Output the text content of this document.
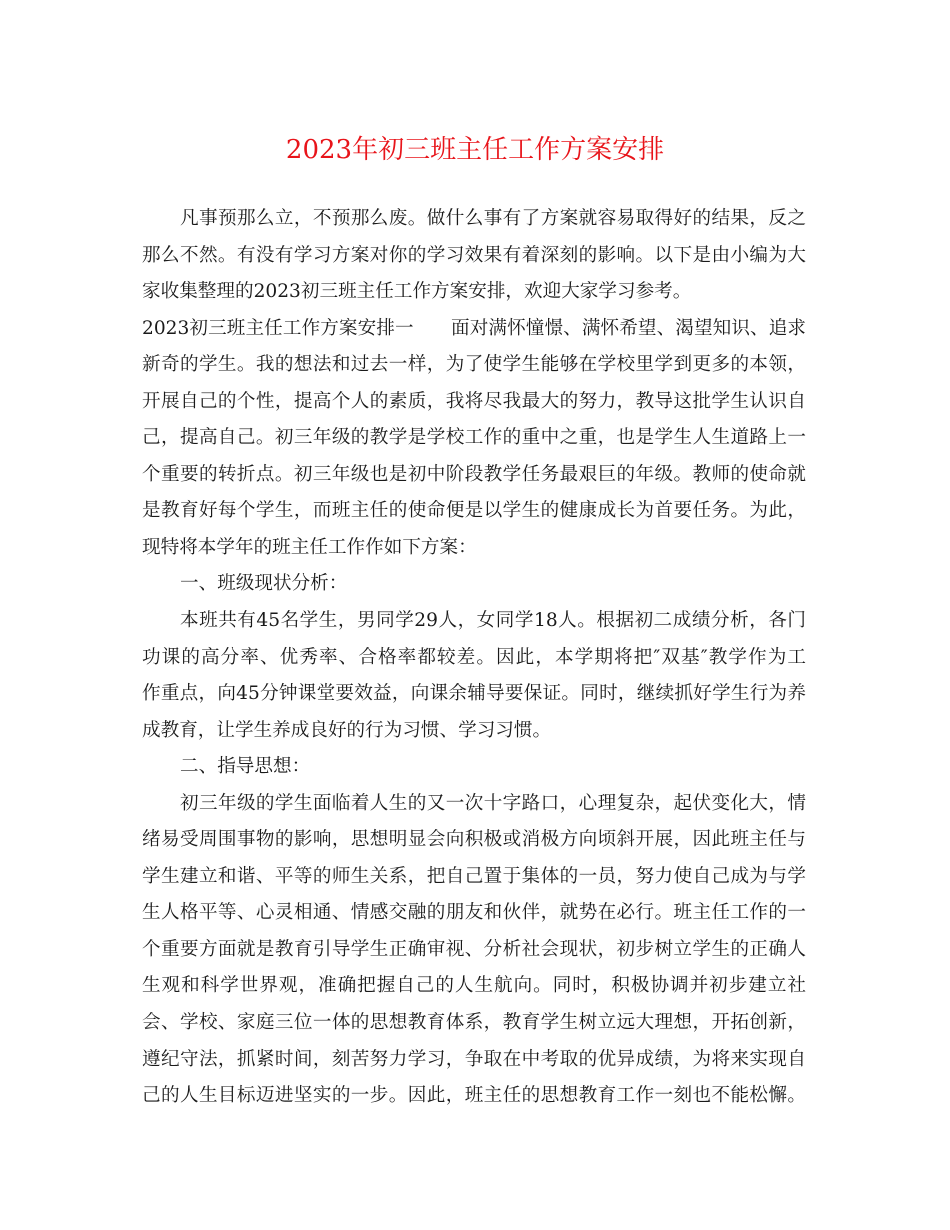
2023年初三班主任工作方案安排
凡事预那么立，不预那么废。做什么事有了方案就容易取得好的结果，反之
那么不然。有没有学习方案对你的学习效果有着深刻的影响。以下是由小编为大
家收集整理的2023初三班主任工作方案安排，欢迎大家学习参考。
2023初三班主任工作方案安排一　　面对满怀憧憬、满怀希望、渴望知识、追求
新奇的学生。我的想法和过去一样，为了使学生能够在学校里学到更多的本领，
开展自己的个性，提高个人的素质，我将尽我最大的努力，教导这批学生认识自
己，提高自己。初三年级的教学是学校工作的重中之重，也是学生人生道路上一
个重要的转折点。初三年级也是初中阶段教学任务最艰巨的年级。教师的使命就
是教育好每个学生，而班主任的使命便是以学生的健康成长为首要任务。为此，
现特将本学年的班主任工作作如下方案：
一、班级现状分析：
本班共有45名学生，男同学29人，女同学18人。根据初二成绩分析，各门
功课的高分率、优秀率、合格率都较差。因此，本学期将把″双基″教学作为工
作重点，向45分钟课堂要效益，向课余辅导要保证。同时，继续抓好学生行为养
成教育，让学生养成良好的行为习惯、学习习惯。
二、指导思想：
初三年级的学生面临着人生的又一次十字路口，心理复杂，起伏变化大，情
绪易受周围事物的影响，思想明显会向积极或消极方向顷斜开展，因此班主任与
学生建立和谐、平等的师生关系，把自己置于集体的一员，努力使自己成为与学
生人格平等、心灵相通、情感交融的朋友和伙伴，就势在必行。班主任工作的一
个重要方面就是教育引导学生正确审视、分析社会现状，初步树立学生的正确人
生观和科学世界观，准确把握自己的人生航向。同时，积极协调并初步建立社
会、学校、家庭三位一体的思想教育体系，教育学生树立远大理想，开拓创新，
遵纪守法，抓紧时间，刻苦努力学习，争取在中考取的优异成绩，为将来实现自
己的人生目标迈进坚实的一步。因此，班主任的思想教育工作一刻也不能松懈。
